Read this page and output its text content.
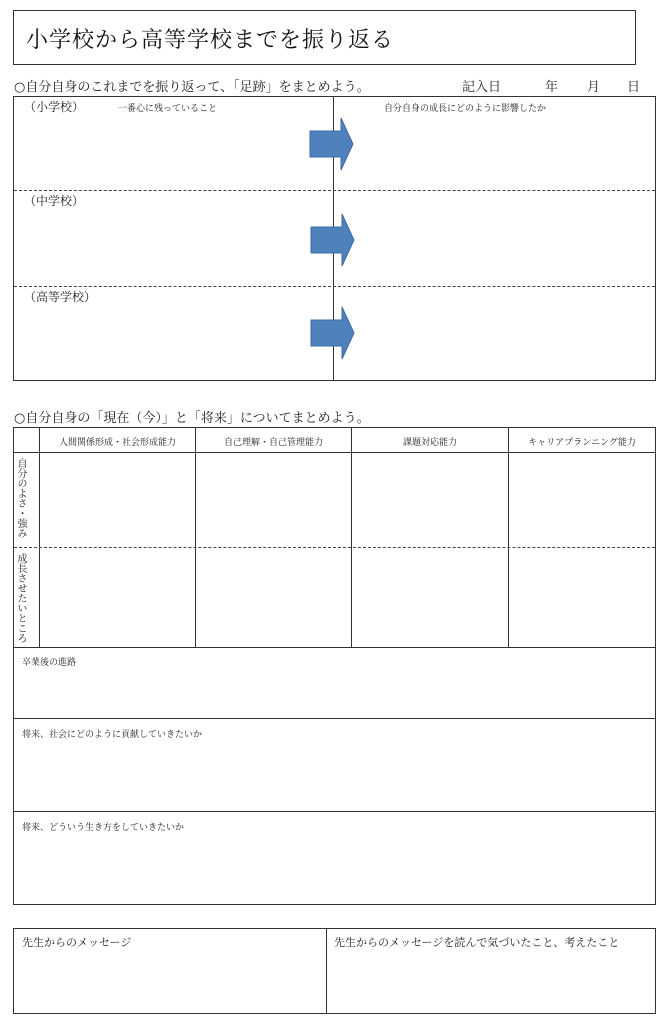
小学校から高等学校までを振り返る
○自分自身のこれまでを振り返って、「足跡」をまとめよう。	記入日	年 月 日
一番心に残っていること	自分自身の成長にどのように影響したか
（小学校）
（中学校）
（高等学校）
○自分自身の「現在（今）」と「将来」についてまとめよう。
人間関係形成・社会形成能力	自己理解・自己管理能力	課題対応能力	キャリアプランニング能力
自分のよさ・強み
成長させたいところ
卒業後の進路
将来、社会にどのように貢献していきたいか
将来、どういう生き方をしていきたいか
先生からのメッセージ	先生からのメッセージを読んで気づいたこと、考えたこと
